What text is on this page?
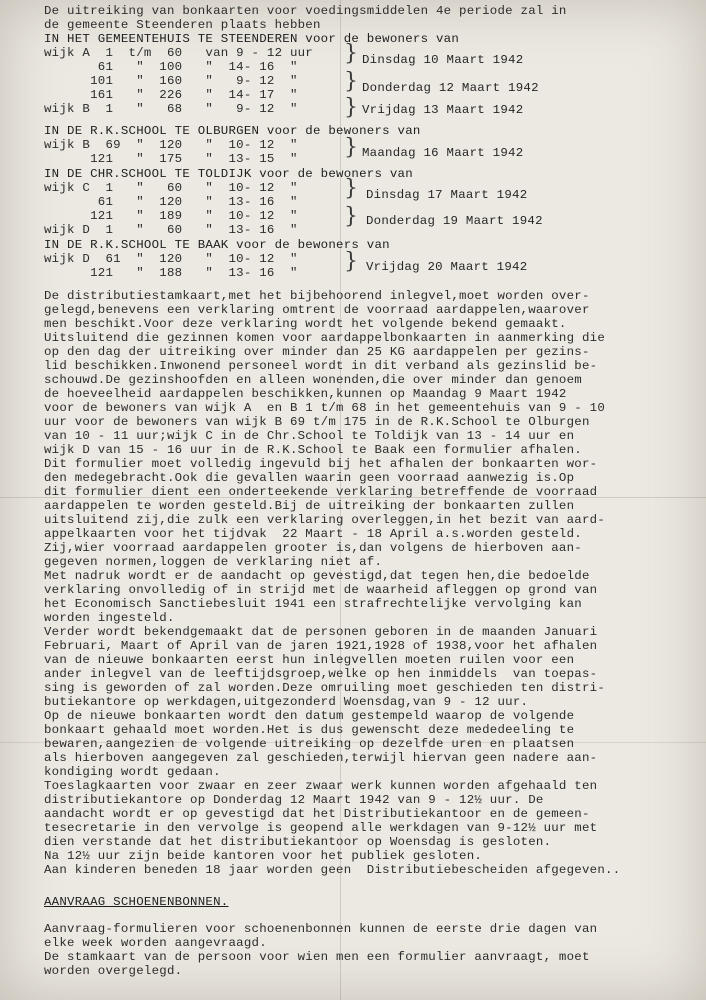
De uitreiking van bonkaarten voor voedingsmiddelen 4e periode zal in
de gemeente Steenderen plaats hebben
IN HET GEMEENTEHUIS TE STEENDEREN voor de bewoners van
wijk A  1  t/m  60   van 9 - 12 uur
61   "  100   "  14- 16  "
101   "  160   "   9- 12  "
161   "  226   "  14- 17  "
wijk B  1   "   68   "   9- 12  "
} Dinsdag 10 Maart 1942
} Donderdag 12 Maart 1942
} Vrijdag 13 Maart 1942
IN DE R.K.SCHOOL TE OLBURGEN voor de bewoners van
wijk B  69  "  120   "  10- 12  "
121   "  175   "  13- 15  " } Maandag 16 Maart 1942
IN DE CHR.SCHOOL TE TOLDIJK voor de bewoners van
wijk C  1   "   60   "  10- 12  "
61   "  120   "  13- 16  "
121   "  189   "  10- 12  "
wijk D  1   "   60   "  13- 16  "
} Dinsdag 17 Maart 1942
} Donderdag 19 Maart 1942
IN DE R.K.SCHOOL TE BAAK voor de bewoners van
wijk D  61  "  120   "  10- 12  "
121   "  188   "  13- 16  " } Vrijdag 20 Maart 1942
De distributiestamkaart,met het bijbehoorend inlegvel,moet worden over-
gelegd,benevens een verklaring omtrent de voorraad aardappelen,waarover
men beschikt.Voor deze verklaring wordt het volgende bekend gemaakt.
Uitsluitend die gezinnen komen voor aardappelbonkaarten in aanmerking die
op den dag der uitreiking over minder dan 25 KG aardappelen per gezins-
lid beschikken.Inwonend personeel wordt in dit verband als gezinslid be-
schouwd.De gezinshoofden en alleen wonenden,die over minder dan genoem
de hoeveelheid aardappelen beschikken,kunnen op Maandag 9 Maart 1942
voor de bewoners van wijk A  en B 1 t/m 68 in het gemeentehuis van 9 - 10
uur voor de bewoners van wijk B 69 t/m 175 in de R.K.School te Olburgen
van 10 - 11 uur;wijk C in de Chr.School te Toldijk van 13 - 14 uur en
wijk D van 15 - 16 uur in de R.K.School te Baak een formulier afhalen.
Dit formulier moet volledig ingevuld bij het afhalen der bonkaarten wor-
den medegebracht.Ook die gevallen waarin geen voorraad aanwezig is.Op
dit formulier dient een onderteekende verklaring betreffende de voorraad
aardappelen te worden gesteld.Bij de uitreiking der bonkaarten zullen
uitsluitend zij,die zulk een verklaring overleggen,in het bezit van aard-
appelkaarten voor het tijdvak  22 Maart - 18 April a.s.worden gesteld.
Zij,wier voorraad aardappelen grooter is,dan volgens de hierboven aan-
gegeven normen,loggen de verklaring niet af.
Met nadruk wordt er de aandacht op gevestigd,dat tegen hen,die bedoelde
verklaring onvolledig of in strijd met de waarheid afleggen op grond van
het Economisch Sanctiebesluit 1941 een strafrechtelijke vervolging kan
worden ingesteld.
Verder wordt bekendgemaakt dat de personen geboren in de maanden Januari
Februari, Maart of April van de jaren 1921,1928 of 1938,voor het afhalen
van de nieuwe bonkaarten eerst hun inlegvellen moeten ruilen voor een
ander inlegvel van de leeftijdsgroep,welke op hen inmiddels  van toepas-
sing is geworden of zal worden.Deze omruiling moet geschieden ten distri-
butiekantore op werkdagen,uitgezonderd Woensdag,van 9 - 12 uur.
Op de nieuwe bonkaarten wordt den datum gestempeld waarop de volgende
bonkaart gehaald moet worden.Het is dus gewenscht deze mededeeling te
bewaren,aangezien de volgende uitreiking op dezelfde uren en plaatsen
als hierboven aangegeven zal geschieden,terwijl hiervan geen nadere aan-
kondiging wordt gedaan.
Toeslagkaarten voor zwaar en zeer zwaar werk kunnen worden afgehaald ten
distributiekantore op Donderdag 12 Maart 1942 van 9 - 12½ uur. De
aandacht wordt er op gevestigd dat het Distributiekantoor en de gemeen-
tesecretarie in den vervolge is geopend alle werkdagen van 9-12½ uur met
dien verstande dat het distributiekantoor op Woensdag is gesloten.
Na 12½ uur zijn beide kantoren voor het publiek gesloten.
Aan kinderen beneden 18 jaar worden geen  Distributiebescheiden afgegeven..
AANVRAAG SCHOENENBONNEN.
Aanvraag-formulieren voor schoenenbonnen kunnen de eerste drie dagen van
elke week worden aangevraagd.
De stamkaart van de persoon voor wien men een formulier aanvraagt, moet
worden overgelegd.
